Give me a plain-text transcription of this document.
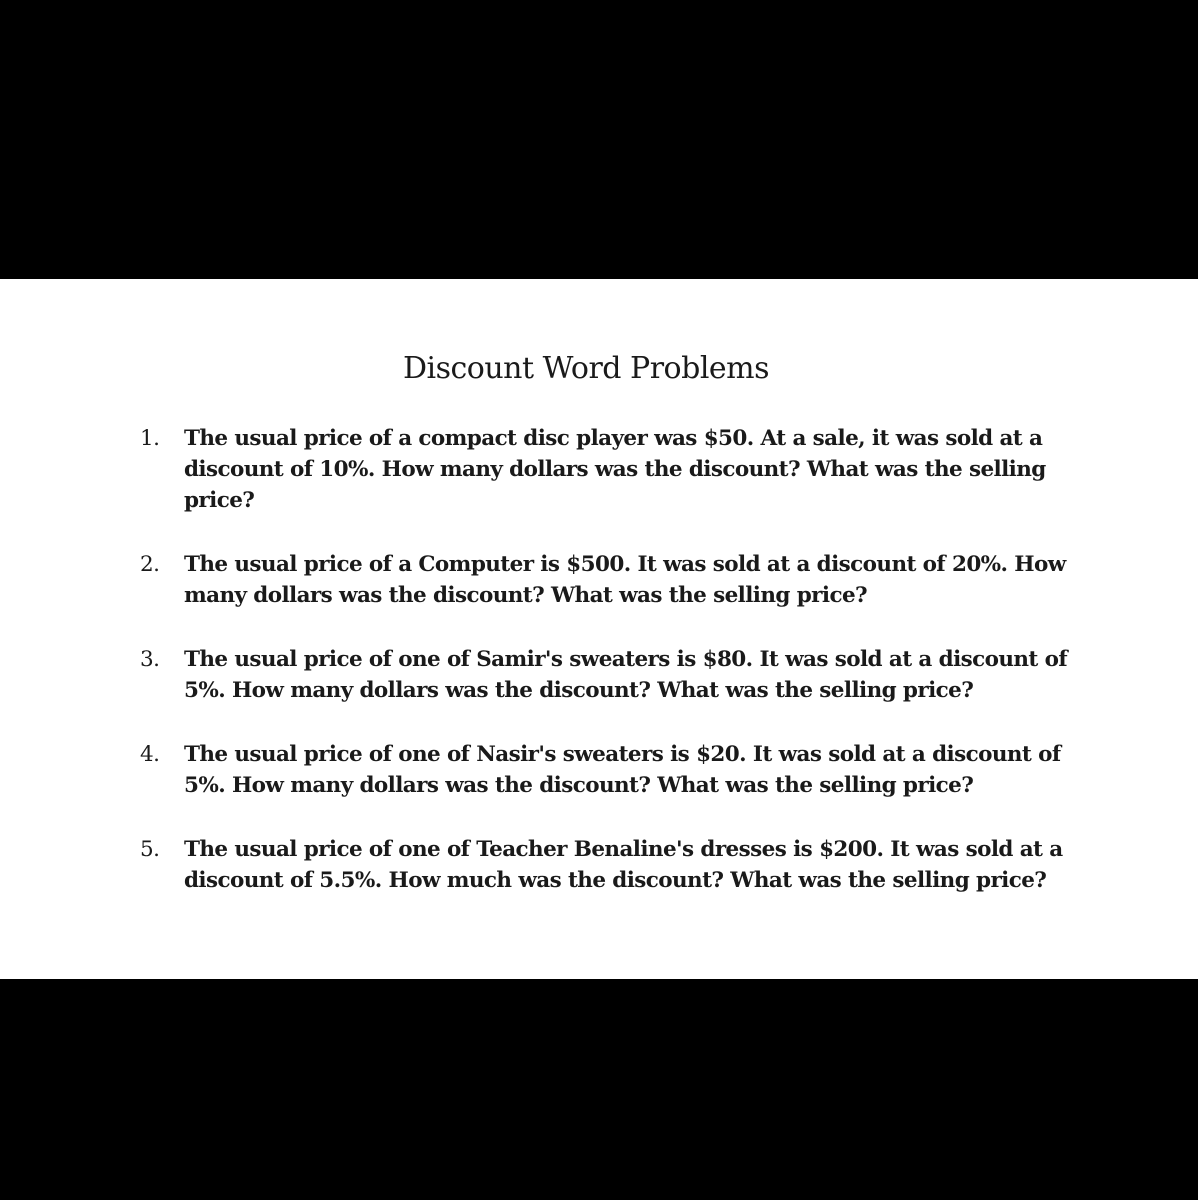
Discount Word Problems
1.	The usual price of a compact disc player was $50. At a sale, it was sold at a discount of 10%. How many dollars was the discount? What was the selling price?
2.	The usual price of a Computer is $500. It was sold at a discount of 20%. How many dollars was the discount? What was the selling price?
3.	The usual price of one of Samir's sweaters is $80. It was sold at a discount of 5%. How many dollars was the discount? What was the selling price?
4.	The usual price of one of Nasir's sweaters is $20. It was sold at a discount of 5%. How many dollars was the discount? What was the selling price?
5.	The usual price of one of Teacher Benaline's dresses is $200. It was sold at a discount of 5.5%. How much was the discount? What was the selling price?
